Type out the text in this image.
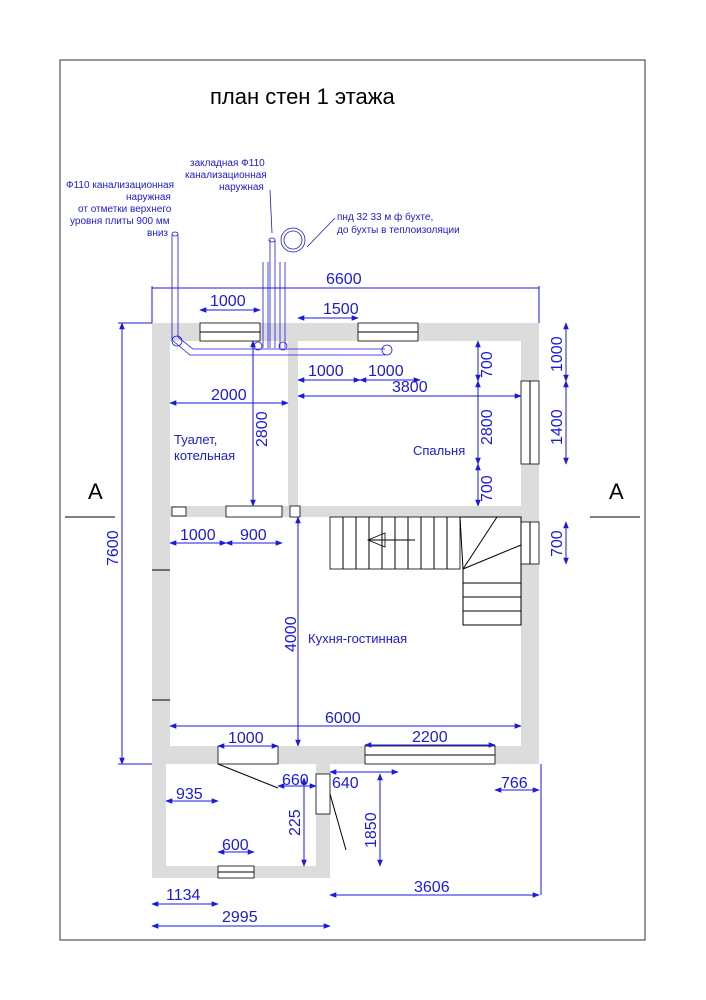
план стен 1 этажа
Ф110 канализационная
наружная
от отметки верхнего
уровня плиты 900 мм
вниз
закладная Ф110
канализационная
наружная
пнд 32 33 м ф бухте,
до бухты в теплоизоляции
A	A
Туалет,
котельная	Спальня
Кухня-гостинная
6600
1000	1500
1000 1000
3800
2000
1000 900
6000
1000	2200
935
660 640	766
600
1134	3606
2995
7600
1000
1400
700
700
2800
700
2800
4000
225	1850
